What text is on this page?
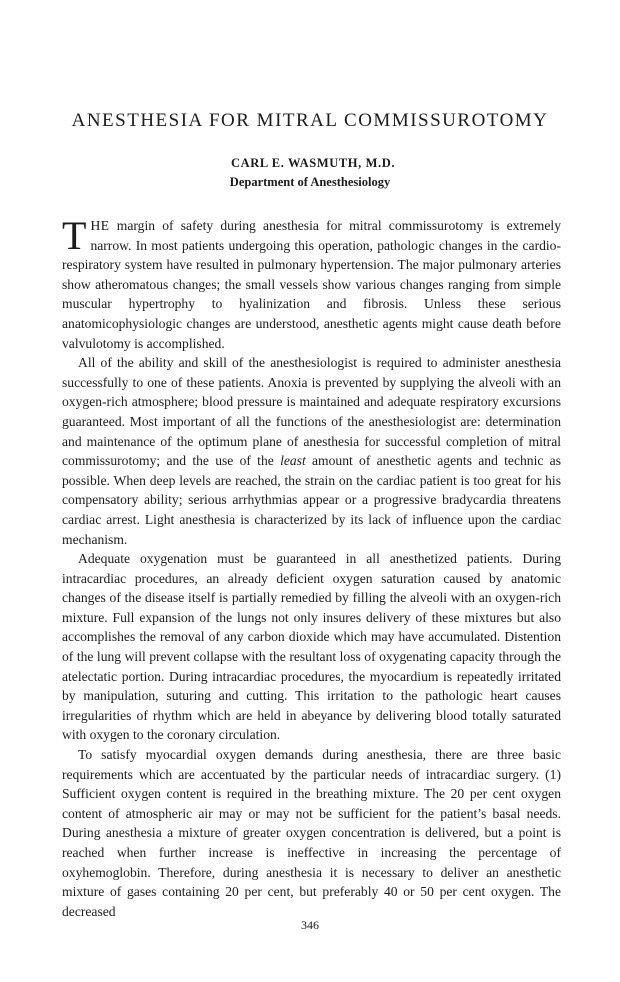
ANESTHESIA FOR MITRAL COMMISSUROTOMY
CARL E. WASMUTH, M.D.
Department of Anesthesiology

THE margin of safety during anesthesia for mitral commissurotomy is extremely narrow. In most patients undergoing this operation, pathologic changes in the cardio-respiratory system have resulted in pulmonary hypertension. The major pulmonary arteries show atheromatous changes; the small vessels show various changes ranging from simple muscular hypertrophy to hyalinization and fibrosis. Unless these serious anatomicophysiologic changes are understood, anesthetic agents might cause death before valvulotomy is accomplished.

All of the ability and skill of the anesthesiologist is required to administer anesthesia successfully to one of these patients. Anoxia is prevented by supplying the alveoli with an oxygen-rich atmosphere; blood pressure is maintained and adequate respiratory excursions guaranteed. Most important of all the functions of the anesthesiologist are: determination and maintenance of the optimum plane of anesthesia for successful completion of mitral commissurotomy; and the use of the least amount of anesthetic agents and technic as possible. When deep levels are reached, the strain on the cardiac patient is too great for his compensatory ability; serious arrhythmias appear or a progressive bradycardia threatens cardiac arrest. Light anesthesia is characterized by its lack of influence upon the cardiac mechanism.

Adequate oxygenation must be guaranteed in all anesthetized patients. During intracardiac procedures, an already deficient oxygen saturation caused by anatomic changes of the disease itself is partially remedied by filling the alveoli with an oxygen-rich mixture. Full expansion of the lungs not only insures delivery of these mixtures but also accomplishes the removal of any carbon dioxide which may have accumulated. Distention of the lung will prevent collapse with the resultant loss of oxygenating capacity through the atelectatic portion. During intracardiac procedures, the myocardium is repeatedly irritated by manipulation, suturing and cutting. This irritation to the pathologic heart causes irregularities of rhythm which are held in abeyance by delivering blood totally saturated with oxygen to the coronary circulation.

To satisfy myocardial oxygen demands during anesthesia, there are three basic requirements which are accentuated by the particular needs of intracardiac surgery. (1) Sufficient oxygen content is required in the breathing mixture. The 20 per cent oxygen content of atmospheric air may or may not be sufficient for the patient’s basal needs. During anesthesia a mixture of greater oxygen concentration is delivered, but a point is reached when further increase is ineffective in increasing the percentage of oxyhemoglobin. Therefore, during anesthesia it is necessary to deliver an anesthetic mixture of gases containing 20 per cent, but preferably 40 or 50 per cent oxygen. The decreased

346
